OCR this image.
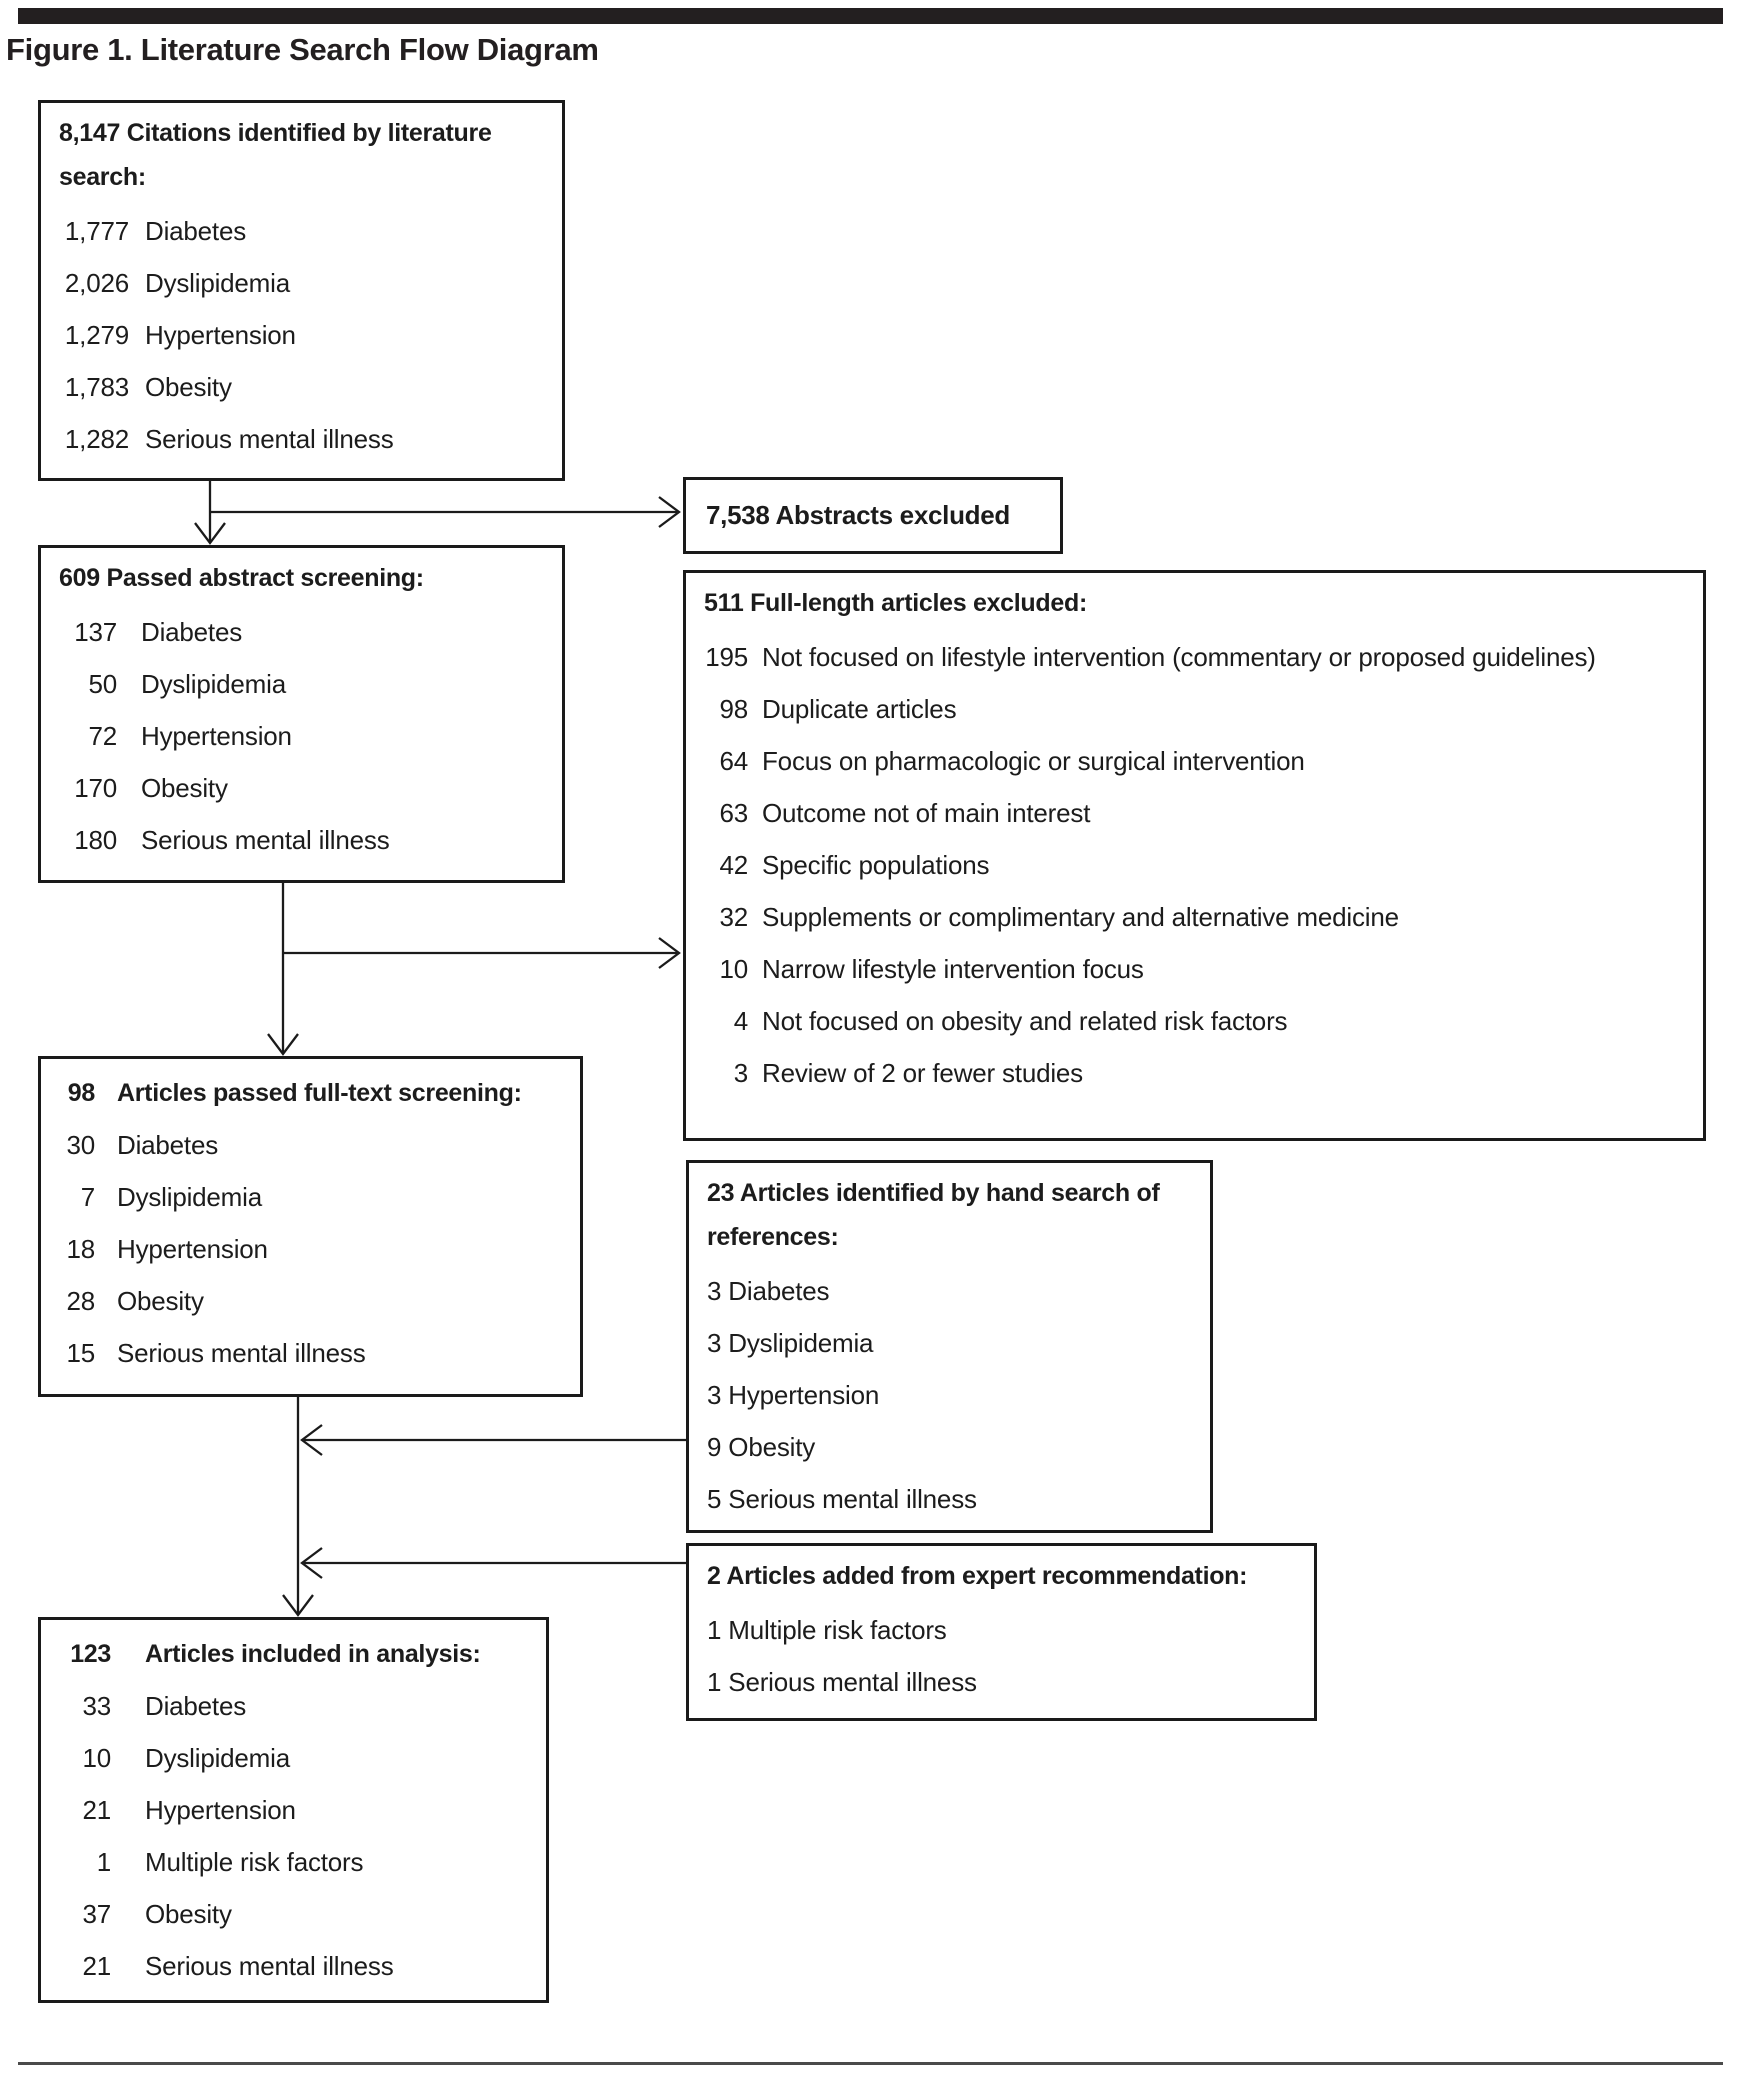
Figure 1. Literature Search Flow Diagram
8,147 Citations identified by literature search:
1,777 Diabetes
2,026 Dyslipidemia
1,279 Hypertension
1,783 Obesity
1,282 Serious mental illness
7,538 Abstracts excluded
609 Passed abstract screening:
137 Diabetes
50 Dyslipidemia
72 Hypertension
170 Obesity
180 Serious mental illness
511 Full-length articles excluded:
195 Not focused on lifestyle intervention (commentary or proposed guidelines)
98 Duplicate articles
64 Focus on pharmacologic or surgical intervention
63 Outcome not of main interest
42 Specific populations
32 Supplements or complimentary and alternative medicine
10 Narrow lifestyle intervention focus
4 Not focused on obesity and related risk factors
3 Review of 2 or fewer studies
98 Articles passed full-text screening:
30 Diabetes
7 Dyslipidemia
18 Hypertension
28 Obesity
15 Serious mental illness
23 Articles identified by hand search of references:
3 Diabetes
3 Dyslipidemia
3 Hypertension
9 Obesity
5 Serious mental illness
2 Articles added from expert recommendation:
1 Multiple risk factors
1 Serious mental illness
123 Articles included in analysis:
33 Diabetes
10 Dyslipidemia
21 Hypertension
1 Multiple risk factors
37 Obesity
21 Serious mental illness
